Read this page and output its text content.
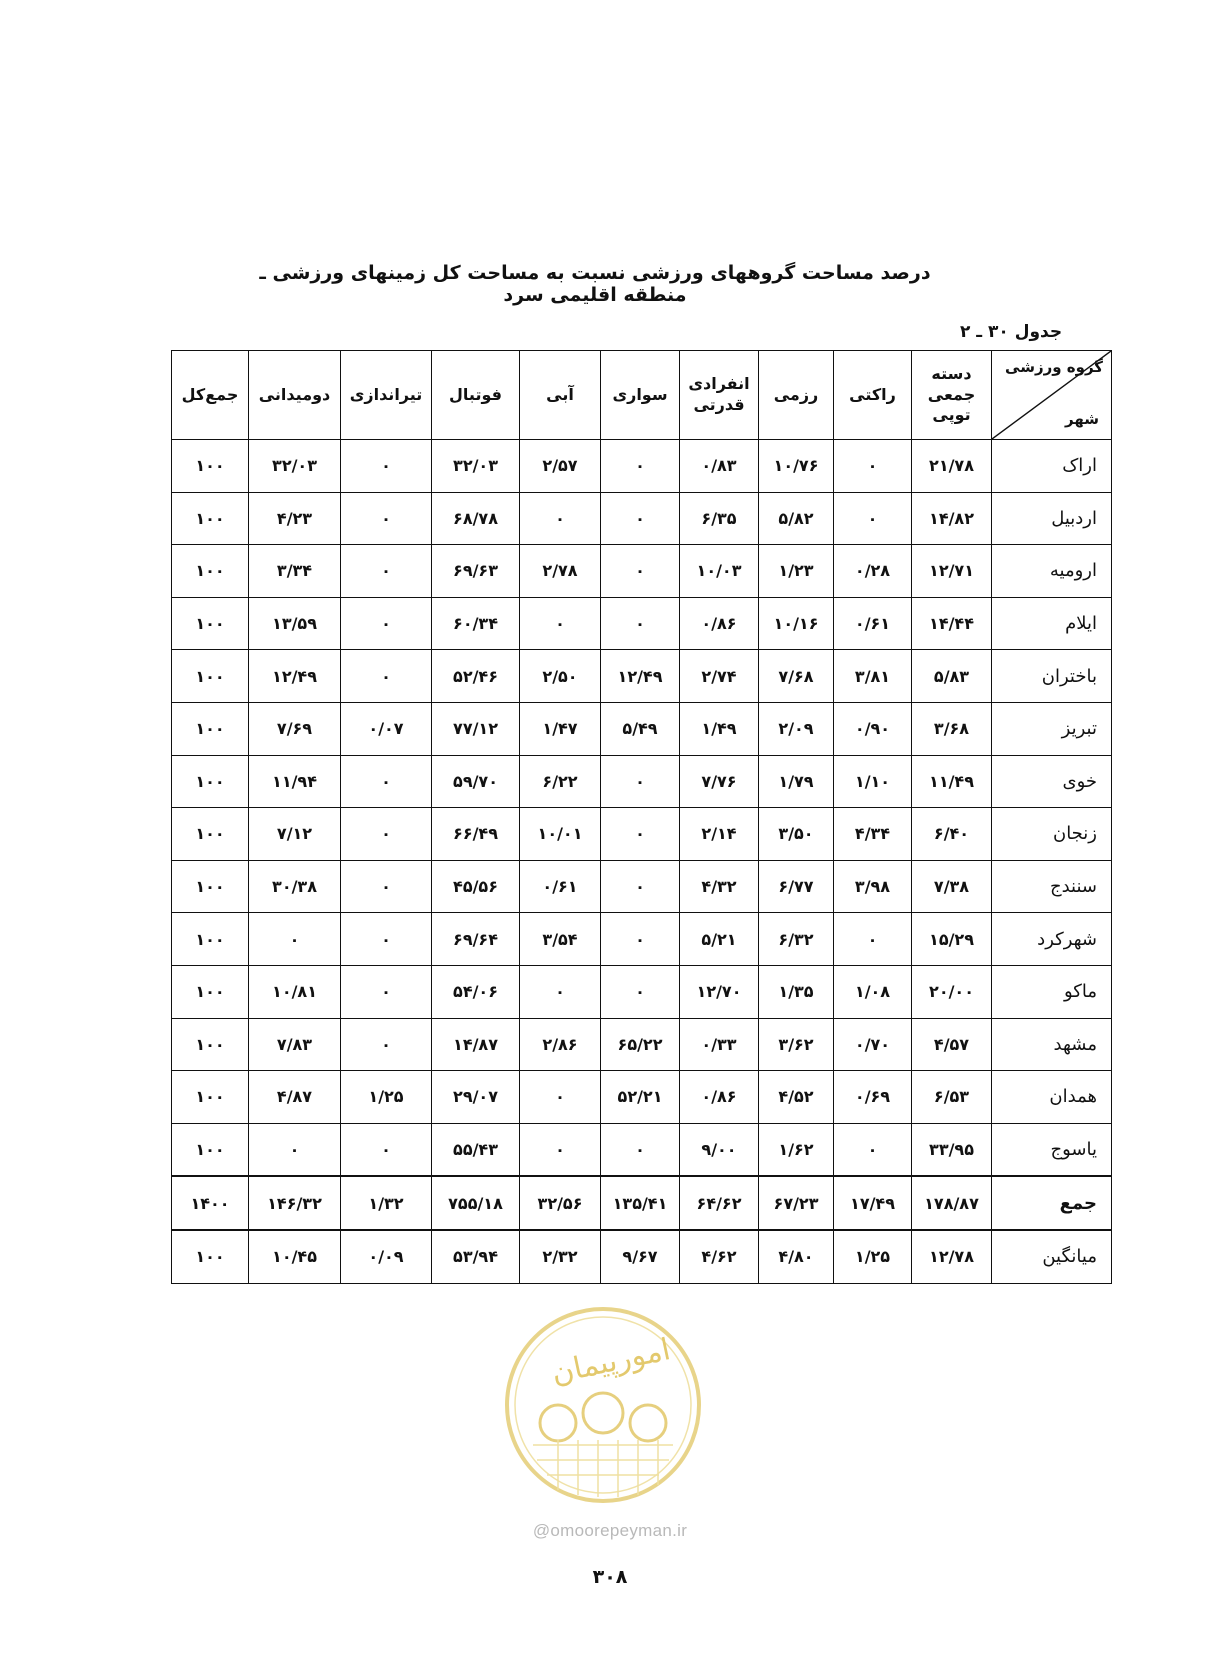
درصد مساحت گروههای ورزشی نسبت به مساحت کل زمینهای ورزشی ـ منطقه اقلیمی سرد
جدول ۳۰ ـ ۲
گروه ورزشی
شهر	دسته جمعی توپی	راکتی	رزمی	انفرادی قدرتی	سواری	آبی	فوتبال	تیراندازی	دومیدانی	جمع‌کل
اراک	۲۱/۷۸	۰	۱۰/۷۶	۰/۸۳	۰	۲/۵۷	۳۲/۰۳	۰	۳۲/۰۳	۱۰۰
اردبیل	۱۴/۸۲	۰	۵/۸۲	۶/۳۵	۰	۰	۶۸/۷۸	۰	۴/۲۳	۱۰۰
ارومیه	۱۲/۷۱	۰/۲۸	۱/۲۳	۱۰/۰۳	۰	۲/۷۸	۶۹/۶۳	۰	۳/۳۴	۱۰۰
ایلام	۱۴/۴۴	۰/۶۱	۱۰/۱۶	۰/۸۶	۰	۰	۶۰/۳۴	۰	۱۳/۵۹	۱۰۰
باختران	۵/۸۳	۳/۸۱	۷/۶۸	۲/۷۴	۱۲/۴۹	۲/۵۰	۵۲/۴۶	۰	۱۲/۴۹	۱۰۰
تبریز	۳/۶۸	۰/۹۰	۲/۰۹	۱/۴۹	۵/۴۹	۱/۴۷	۷۷/۱۲	۰/۰۷	۷/۶۹	۱۰۰
خوی	۱۱/۴۹	۱/۱۰	۱/۷۹	۷/۷۶	۰	۶/۲۲	۵۹/۷۰	۰	۱۱/۹۴	۱۰۰
زنجان	۶/۴۰	۴/۳۴	۳/۵۰	۲/۱۴	۰	۱۰/۰۱	۶۶/۴۹	۰	۷/۱۲	۱۰۰
سنندج	۷/۳۸	۳/۹۸	۶/۷۷	۴/۳۲	۰	۰/۶۱	۴۵/۵۶	۰	۳۰/۳۸	۱۰۰
شهرکرد	۱۵/۲۹	۰	۶/۳۲	۵/۲۱	۰	۳/۵۴	۶۹/۶۴	۰	۰	۱۰۰
ماکو	۲۰/۰۰	۱/۰۸	۱/۳۵	۱۲/۷۰	۰	۰	۵۴/۰۶	۰	۱۰/۸۱	۱۰۰
مشهد	۴/۵۷	۰/۷۰	۳/۶۲	۰/۳۳	۶۵/۲۲	۲/۸۶	۱۴/۸۷	۰	۷/۸۳	۱۰۰
همدان	۶/۵۳	۰/۶۹	۴/۵۲	۰/۸۶	۵۲/۲۱	۰	۲۹/۰۷	۱/۲۵	۴/۸۷	۱۰۰
یاسوج	۳۳/۹۵	۰	۱/۶۲	۹/۰۰	۰	۰	۵۵/۴۳	۰	۰	۱۰۰
جمع	۱۷۸/۸۷	۱۷/۴۹	۶۷/۲۳	۶۴/۶۲	۱۳۵/۴۱	۳۲/۵۶	۷۵۵/۱۸	۱/۳۲	۱۴۶/۳۲	۱۴۰۰
میانگین	۱۲/۷۸	۱/۲۵	۴/۸۰	۴/۶۲	۹/۶۷	۲/۳۲	۵۳/۹۴	۰/۰۹	۱۰/۴۵	۱۰۰
امورپیمان
@omoorepeyman.ir
۳۰۸
